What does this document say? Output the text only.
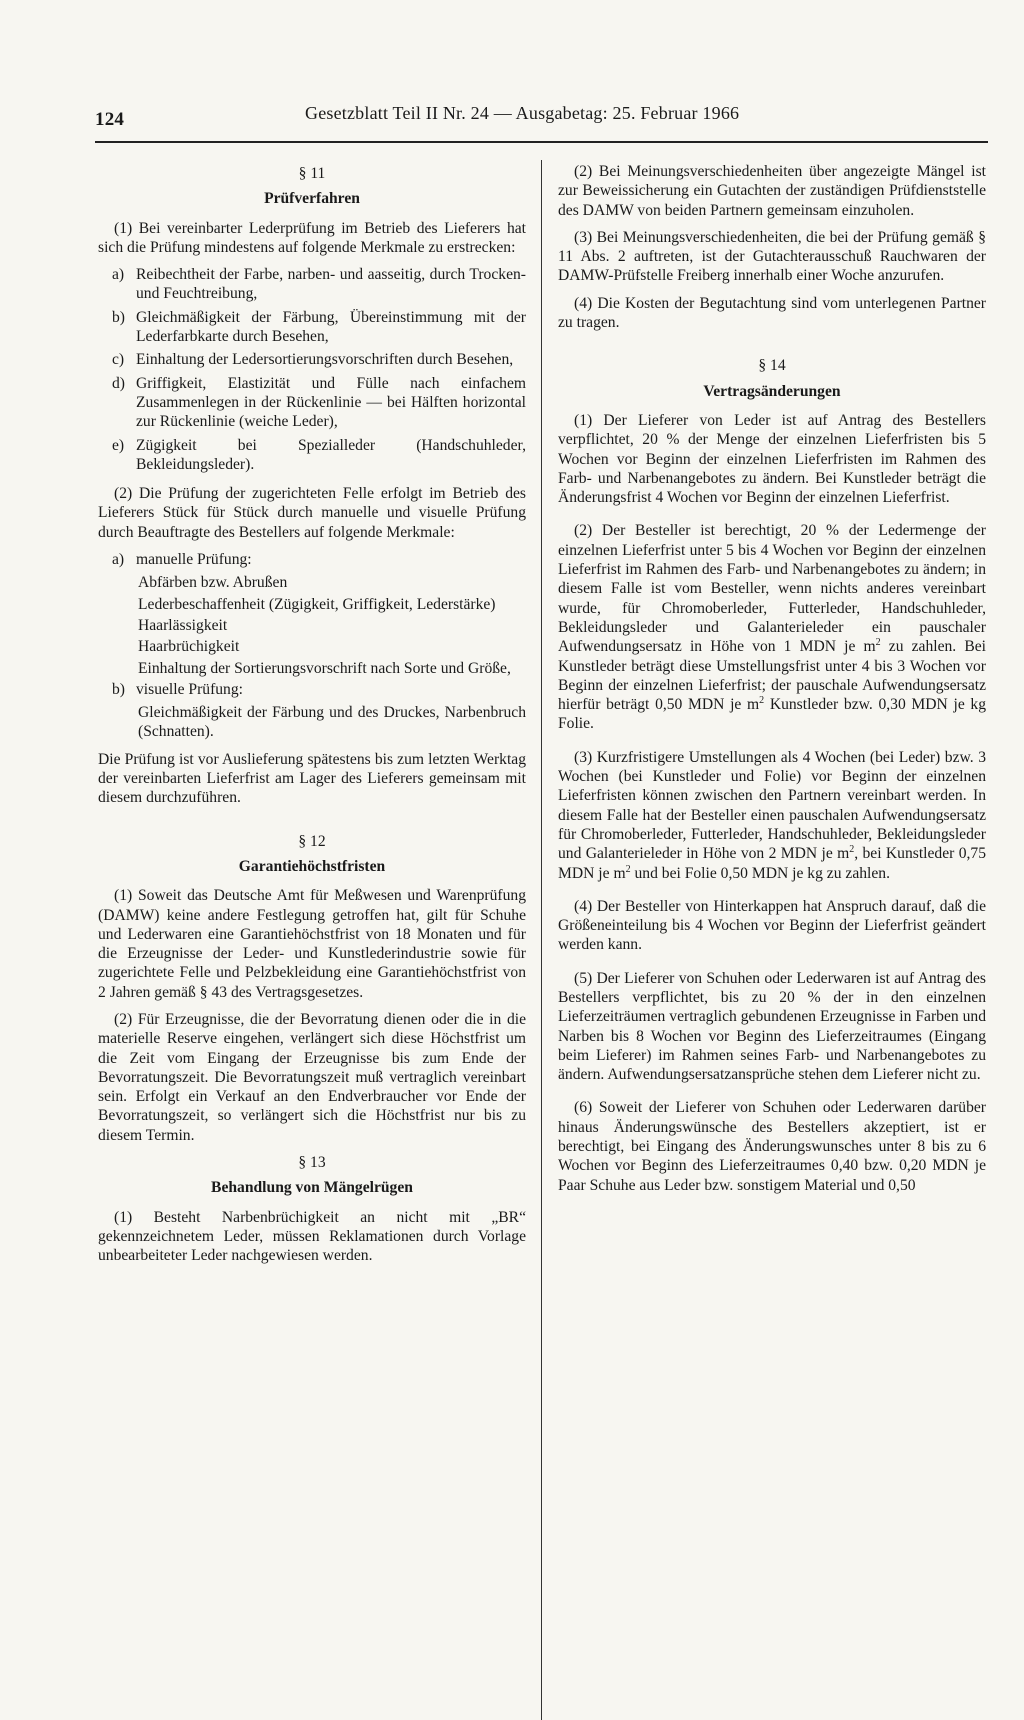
124	Gesetzblatt Teil II Nr. 24 — Ausgabetag: 25. Februar 1966
§ 11
Prüfverfahren

(1) Bei vereinbarter Lederprüfung im Betrieb des Lieferers hat sich die Prüfung mindestens auf folgende Merkmale zu erstrecken:

a) Reibechtheit der Farbe, narben- und aasseitig, durch Trocken- und Feuchtreibung,
b) Gleichmäßigkeit der Färbung, Übereinstimmung mit der Lederfarbkarte durch Besehen,
c) Einhaltung der Ledersortierungsvorschriften durch Besehen,
d) Griffigkeit, Elastizität und Fülle nach einfachem Zusammenlegen in der Rückenlinie — bei Hälften horizontal zur Rückenlinie (weiche Leder),
e) Zügigkeit bei Spezialleder (Handschuhleder, Bekleidungsleder).

(2) Die Prüfung der zugerichteten Felle erfolgt im Betrieb des Lieferers Stück für Stück durch manuelle und visuelle Prüfung durch Beauftragte des Bestellers auf folgende Merkmale:

a) manuelle Prüfung:
Abfärben bzw. Abrußen
Lederbeschaffenheit (Zügigkeit, Griffigkeit, Lederstärke)
Haarlässigkeit
Haarbrüchigkeit
Einhaltung der Sortierungsvorschrift nach Sorte und Größe,
b) visuelle Prüfung:
Gleichmäßigkeit der Färbung und des Druckes, Narbenbruch (Schnatten).

Die Prüfung ist vor Auslieferung spätestens bis zum letzten Werktag der vereinbarten Lieferfrist am Lager des Lieferers gemeinsam mit diesem durchzuführen.

§ 12
Garantiehöchstfristen

(1) Soweit das Deutsche Amt für Meßwesen und Warenprüfung (DAMW) keine andere Festlegung getroffen hat, gilt für Schuhe und Lederwaren eine Garantiehöchstfrist von 18 Monaten und für die Erzeugnisse der Leder- und Kunstlederindustrie sowie für zugerichtete Felle und Pelzbekleidung eine Garantiehöchstfrist von 2 Jahren gemäß § 43 des Vertragsgesetzes.

(2) Für Erzeugnisse, die der Bevorratung dienen oder die in die materielle Reserve eingehen, verlängert sich diese Höchstfrist um die Zeit vom Eingang der Erzeugnisse bis zum Ende der Bevorratungszeit. Die Bevorratungszeit muß vertraglich vereinbart sein. Erfolgt ein Verkauf an den Endverbraucher vor Ende der Bevorratungszeit, so verlängert sich die Höchstfrist nur bis zu diesem Termin.

§ 13
Behandlung von Mängelrügen

(1) Besteht Narbenbrüchigkeit an nicht mit „BR“ gekennzeichnetem Leder, müssen Reklamationen durch Vorlage unbearbeiteter Leder nachgewiesen werden.

(2) Bei Meinungsverschiedenheiten über angezeigte Mängel ist zur Beweissicherung ein Gutachten der zuständigen Prüfdienststelle des DAMW von beiden Partnern gemeinsam einzuholen.

(3) Bei Meinungsverschiedenheiten, die bei der Prüfung gemäß § 11 Abs. 2 auftreten, ist der Gutachterausschuß Rauchwaren der DAMW-Prüfstelle Freiberg innerhalb einer Woche anzurufen.

(4) Die Kosten der Begutachtung sind vom unterlegenen Partner zu tragen.

§ 14
Vertragsänderungen

(1) Der Lieferer von Leder ist auf Antrag des Bestellers verpflichtet, 20 % der Menge der einzelnen Lieferfristen bis 5 Wochen vor Beginn der einzelnen Lieferfristen im Rahmen des Farb- und Narbenangebotes zu ändern. Bei Kunstleder beträgt die Änderungsfrist 4 Wochen vor Beginn der einzelnen Lieferfrist.

(2) Der Besteller ist berechtigt, 20 % der Ledermenge der einzelnen Lieferfrist unter 5 bis 4 Wochen vor Beginn der einzelnen Lieferfrist im Rahmen des Farb- und Narbenangebotes zu ändern; in diesem Falle ist vom Besteller, wenn nichts anderes vereinbart wurde, für Chromoberleder, Futterleder, Handschuhleder, Bekleidungsleder und Galanterieleder ein pauschaler Aufwendungsersatz in Höhe von 1 MDN je $m^2$ zu zahlen. Bei Kunstleder beträgt diese Umstellungsfrist unter 4 bis 3 Wochen vor Beginn der einzelnen Lieferfrist; der pauschale Aufwendungsersatz hierfür beträgt 0,50 MDN je $m^2$ Kunstleder bzw. 0,30 MDN je kg Folie.

(3) Kurzfristigere Umstellungen als 4 Wochen (bei Leder) bzw. 3 Wochen (bei Kunstleder und Folie) vor Beginn der einzelnen Lieferfristen können zwischen den Partnern vereinbart werden. In diesem Falle hat der Besteller einen pauschalen Aufwendungsersatz für Chromoberleder, Futterleder, Handschuhleder, Bekleidungsleder und Galanterieleder in Höhe von 2 MDN je $m^2$, bei Kunstleder 0,75 MDN je $m^2$ und bei Folie 0,50 MDN je kg zu zahlen.

(4) Der Besteller von Hinterkappen hat Anspruch darauf, daß die Größeneinteilung bis 4 Wochen vor Beginn der Lieferfrist geändert werden kann.

(5) Der Lieferer von Schuhen oder Lederwaren ist auf Antrag des Bestellers verpflichtet, bis zu 20 % der in den einzelnen Lieferzeiträumen vertraglich gebundenen Erzeugnisse in Farben und Narben bis 8 Wochen vor Beginn des Lieferzeitraumes (Eingang beim Lieferer) im Rahmen seines Farb- und Narbenangebotes zu ändern. Aufwendungsersatzansprüche stehen dem Lieferer nicht zu.

(6) Soweit der Lieferer von Schuhen oder Lederwaren darüber hinaus Änderungswünsche des Bestellers akzeptiert, ist er berechtigt, bei Eingang des Änderungswunsches unter 8 bis zu 6 Wochen vor Beginn des Lieferzeitraumes 0,40 bzw. 0,20 MDN je Paar Schuhe aus Leder bzw. sonstigem Material und 0,50
